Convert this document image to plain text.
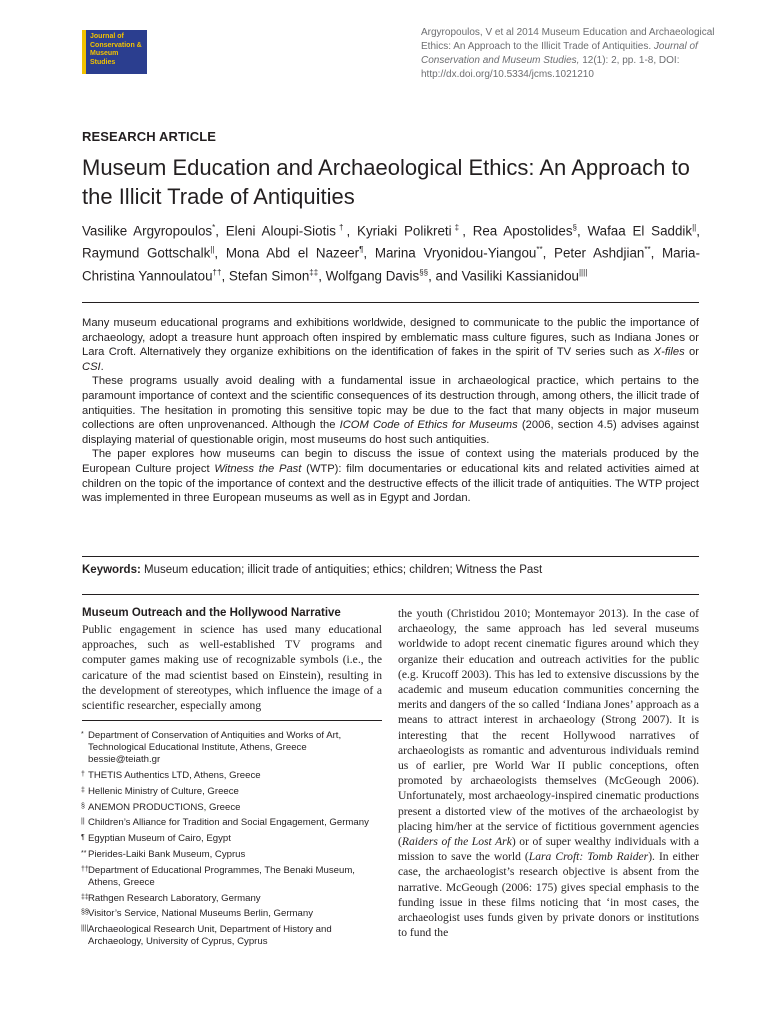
Journal of
Conservation &
Museum
Studies
Argyropoulos, V et al 2014 Museum Education and Archaeological Ethics: An Approach to the Illicit Trade of Antiquities. Journal of Conservation and Museum Studies, 12(1): 2, pp. 1-8, DOI: http://dx.doi.org/10.5334/jcms.1021210
RESEARCH ARTICLE
Museum Education and Archaeological Ethics: An Approach to the Illicit Trade of Antiquities

Vasilike Argyropoulos*, Eleni Aloupi-Siotis†, Kyriaki Polikreti‡, Rea Apostolides§, Wafaa El Saddik||, Raymund Gottschalk||, Mona Abd el Nazeer¶, Marina Vryonidou-Yiangou**, Peter Ashdjian**, Maria-Christina Yannoulatou††, Stefan Simon‡‡, Wolfgang Davis§§, and Vasiliki Kassianidou||||

Many museum educational programs and exhibitions worldwide, designed to communicate to the public the importance of archaeology, adopt a treasure hunt approach often inspired by emblematic mass culture figures, such as Indiana Jones or Lara Croft. Alternatively they organize exhibitions on the identification of fakes in the spirit of TV series such as X-files or CSI.

These programs usually avoid dealing with a fundamental issue in archaeological practice, which pertains to the paramount importance of context and the scientific consequences of its destruction through, among others, the illicit trade of antiquities. The hesitation in promoting this sensitive topic may be due to the fact that many objects in major museum collections are often unprovenanced. Although the ICOM Code of Ethics for Museums (2006, section 4.5) advises against displaying material of questionable origin, most museums do host such antiquities.

The paper explores how museums can begin to discuss the issue of context using the materials produced by the European Culture project Witness the Past (WTP): film documentaries or educational kits and related activities aimed at children on the topic of the importance of context and the destructive effects of the illicit trade of antiquities. The WTP project was implemented in three European museums as well as in Egypt and Jordan.

Keywords: Museum education; illicit trade of antiquities; ethics; children; Witness the Past
Museum Outreach and the Hollywood Narrative

Public engagement in science has used many educational approaches, such as well-established TV programs and computer games making use of recognizable symbols (i.e., the caricature of the mad scientist based on Einstein), resulting in the development of stereotypes, which influence the image of a scientific researcher, especially among

* Department of Conservation of Antiquities and Works of Art,
Technological Educational Institute, Athens, Greece
bessie@teiath.gr
† THETIS Authentics LTD, Athens, Greece
‡ Hellenic Ministry of Culture, Greece
§ ANEMON PRODUCTIONS, Greece
|| Children’s Alliance for Tradition and Social Engagement, Germany
¶ Egyptian Museum of Cairo, Egypt
** Pierides-Laiki Bank Museum, Cyprus
†† Department of Educational Programmes, The Benaki Museum,
Athens, Greece
‡‡ Rathgen Research Laboratory, Germany
§§ Visitor’s Service, National Museums Berlin, Germany
|||| Archaeological Research Unit, Department of History and
Archaeology, University of Cyprus, Cyprus

the youth (Christidou 2010; Montemayor 2013). In the case of archaeology, the same approach has led several museums worldwide to adopt recent cinematic figures around which they organize their education and outreach activities for the public (e.g. Krucoff 2003). This has led to extensive discussions by the academic and museum education communities concerning the merits and dangers of the so called ‘Indiana Jones’ approach as a means to attract interest in archaeology (Strong 2007). It is interesting that the recent Hollywood narratives of archaeologists as romantic and adventurous individuals remind us of earlier, pre World War II public conceptions, often promoted by archaeologists themselves (McGeough 2006). Unfortunately, most archaeology-inspired cinematic productions present a distorted view of the motives of the archaeologist by placing him/her at the service of fictitious government agencies (Raiders of the Lost Ark) or of super wealthy individuals with a mission to save the world (Lara Croft: Tomb Raider). In either case, the archaeologist’s research objective is absent from the narrative. McGeough (2006: 175) gives special emphasis to the funding issue in these films noticing that ‘in most cases, the archaeologist uses funds given by private donors or institutions to fund the
